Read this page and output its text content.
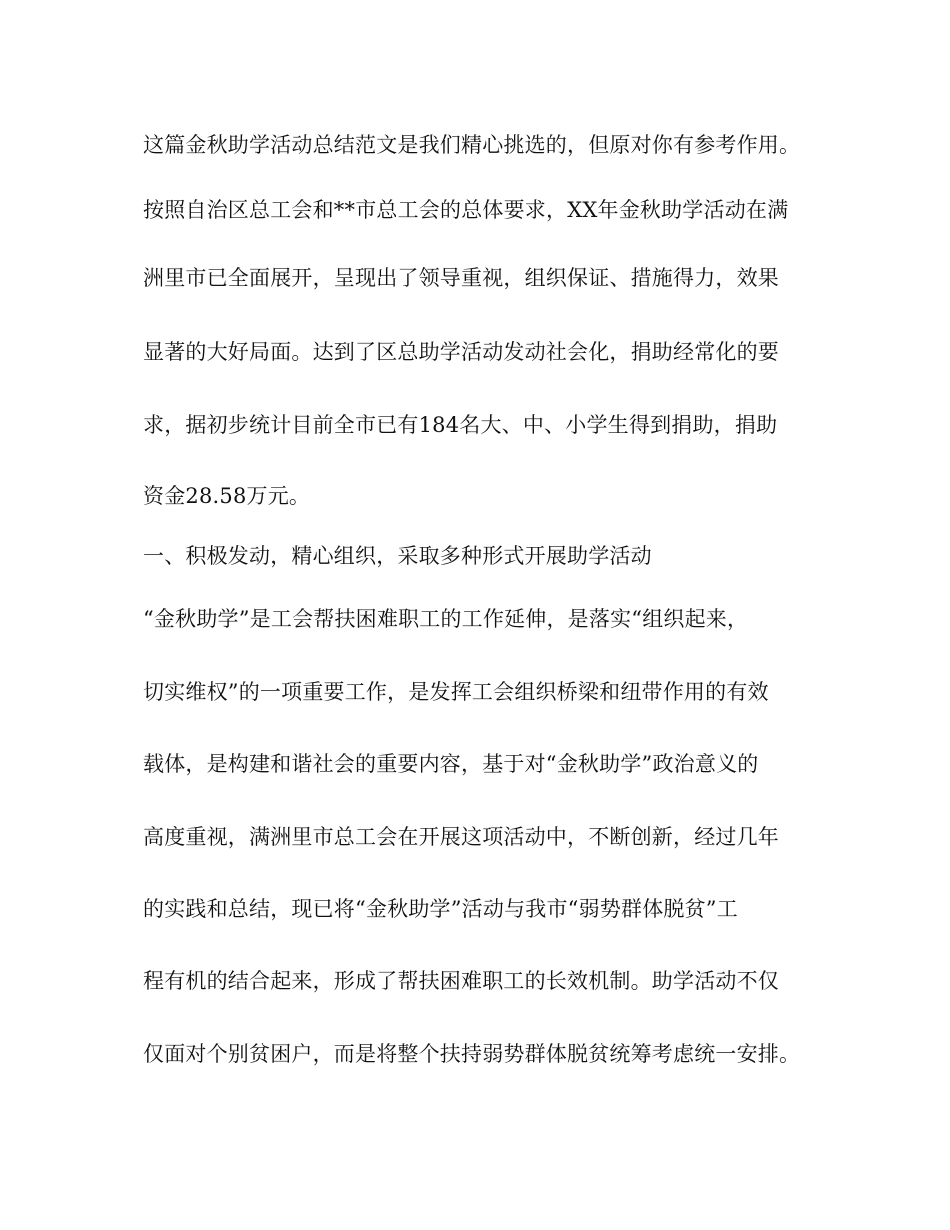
这篇金秋助学活动总结范文是我们精心挑选的，但原对你有参考作用。
按照自治区总工会和**市总工会的总体要求，XX年金秋助学活动在满
洲里市已全面展开，呈现出了领导重视，组织保证、措施得力，效果
显著的大好局面。达到了区总助学活动发动社会化，捐助经常化的要
求，据初步统计目前全市已有184名大、中、小学生得到捐助，捐助
资金28.58万元。
一、积极发动，精心组织，采取多种形式开展助学活动
“金秋助学”是工会帮扶困难职工的工作延伸，是落实“组织起来，
切实维权”的一项重要工作，是发挥工会组织桥梁和纽带作用的有效
载体，是构建和谐社会的重要内容，基于对“金秋助学”政治意义的
高度重视，满洲里市总工会在开展这项活动中，不断创新，经过几年
的实践和总结，现已将“金秋助学”活动与我市“弱势群体脱贫”工
程有机的结合起来，形成了帮扶困难职工的长效机制。助学活动不仅
仅面对个别贫困户，而是将整个扶持弱势群体脱贫统筹考虑统一安排。
